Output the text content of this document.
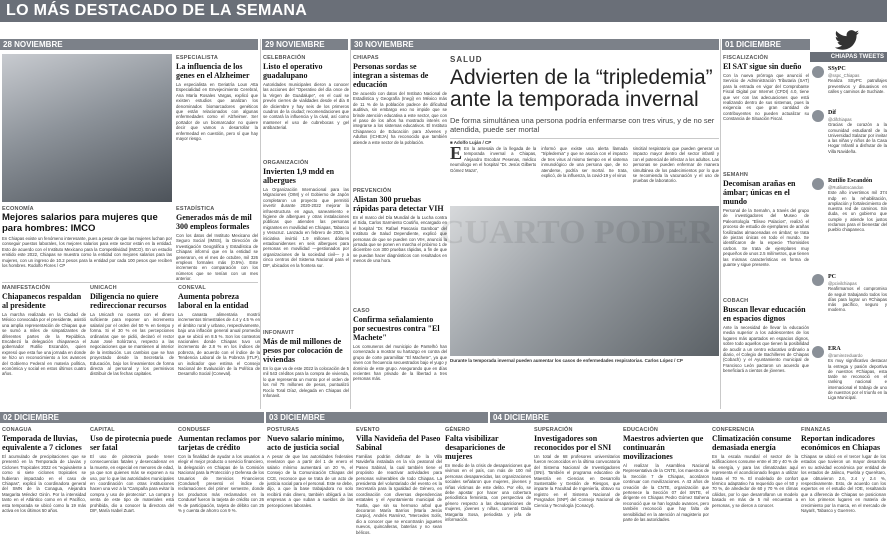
LO MÁS DESTACADO DE LA SEMANA
28 NOVIEMBRE	29 NOVIEMBRE	30 NOVIEMBRE	01 DICIEMBRE
CHIAPAS TWEETS
SSyPC
@sspc_Chiapas
Realiza SSyPC patrullajes preventivos y disuasivos en calles y caminos de Suchiate.
Dif
@difchiapas
Gracias de corazón a la comunidad estudiantil de la Universidad Salazar por invitar a las niñas y niños de la Casa Hogar Infantil a disfrutar de la Villa Navideña.
Rutilio Escandón
@RutilioEscandon
Este año invertimos mil 374 mdp en la rehabilitación, ampliación y fortalecimiento de nuestra red de caminos. Sin duda, es un gobierno que cumple y atiende los justos reclamos para el bienestar del pueblo chiapaneco.
PC
@pcivilchiapas
Reafirmamos el compromiso de seguir trabajando todos los días para lograr un #Chiapas más pacífico, seguro y moderno.
ERA
@ramirezeduardo
Es muy significativo destacar la entrega y pasión deportiva de nuestros #Chiapas, esta tarde se reconoció en el ranking nacional e internacional el trabajo de uno de nuestros por el triunfo en la Liga Municipal.
ESPECIALISTA
La influencia de los genes en el Alzheimer
La especialista en Geriatría Loun Atta Especialidad en Envejecimiento Cerebral, Ana María Rosales Vargas, explicó que existen estudios que analizan los denominados biomarcadores genéticos que están relacionados con algunas enfermedades como el Alzheimer. Ser portador de un biomarcador no quiere decir que vamos a desarrollar la enfermedad en cuestión, pero sí que hay mayor riesgo.
ECONOMÍA
Mejores salarios para mujeres que para hombres: IMCO
En Chiapas existe un fenómeno interesante, pues a pesar de que las mujeres luchan por conseguir puestos laborales, los mejores salarios para este sector están en la entidad. Esto de acuerdo con el Instituto Mexicano para la Competitividad (IMCO). En un estudio emitido este 2022, Chiapas se muestra como la entidad con mejores salarios para las mujeres, con un ingreso de 10.2 pesos para la entidad por cada 100 pesos que reciben los hombres. Rodolfo Flores / CP
ESTADÍSTICA
Generados más de mil 300 empleos formales
Con los datos del Instituto Mexicano del Seguro Social (IMSS), la Dirección de Investigación Geográfica y Estadística de Chiapas informó que en la entidad se generaron, en el mes de octubre, mil 326 empleos formales más (0.5%). Este incremento en comparación con los números que se tenían con un mes anterior.
MANIFESTACIÓN
Chiapanecos respaldan al presidente
La marcha realizada en la Ciudad de México convocada por el presidente, asistió una amplia representación de Chiapas que se sumó a miles de simpatizantes de diferentes partes de la República. Encabezó la delegación chiapaneca el gobernador Rutilio Escandón, quien expresó que esta fue una jornada en donde se hizo un reconocimiento a los avances del Gobierno Federal en materia política, económica y social en estos últimos cuatro años.
UNICACH
Diligencia no quiere redireccionar recursos
La Unicach no cuenta con el dinero suficiente para reponer un incremento salarial por el orden del 50 % en tiempo y forma. Si el 30 % en las percepciones ordinarias que se pidió, declaró el rector Juan José Solórzano, respecto a las negociaciones que se mantienen al interior de la institución. Los cambios que se han proyectado desde la Secretaría de Educación, bajo los lineamientos de forma directa al personal y los permisivos distribuir de las fechas capitales.
CONEVAL
Aumenta pobreza laboral en la entidad
La canasta alimentaria mostró incrementos trimestrales de 4.4 y 4.5 % en el ámbito rural y urbano, respectivamente, bajo una inflación general anual promedio que se ubicó en 8.5 %. Son los contextos nacionales donde Chiapas tuvo un incremento de 2.8 % en los índices de pobreza, de acuerdo con el índice de la Tendencia Laboral de la Pobreza (ITLP), un indicador que estima el Consejo Nacional de Evaluación de la Política de Desarrollo Social (Coneval).
CELEBRACIÓN
Listo el operativo guadalupano
Autoridades municipales dieron a conocer las acciones del "Operativo del día once de la Virgen de Guadalupe", en el cual se prevén cierres de vialidades desde el día 8 de diciembre y hay seis de los primeros cuadros de la ciudad; recomendaciones que se contará la influencia y la cival, así como mantener el uso de cubrebocas y gel antibacterial.
ORGANIZACIÓN
Invierten 1,9 mdd en albergues
La Organización Internacional para las Migraciones (OIM) y el Gobierno de Japón completaron un proyecto que permitió invertir durante 2020-2022 mejorar la infraestructura en agua, saneamiento e higiene de albergues y otras instalaciones públicas que atienden las personas migrantes en movilidad en Chiapas, Tabasco y Veracruz. Lanzado en febrero de 2020, la iniciativa invirtió 1.9 millones dólares estadounidenses en seis albergues para personas en movilidad —gestionados por organizaciones de la sociedad civil— y a cinco centros del Sistema Nacional para el DIF, ubicados en la frontera sur.
INFONAVIT
Más de mil millones de pesos por colocación de viviendas
En lo que va de este 2022 la colocación de 5 mil 543 créditos para la compra de vivienda, lo que representa un monto por el orden de los mil 75 millones de pesos, puntualizó Rocío Toral Díaz, delegada en Chiapas del Infonavit.
CHIAPAS
Personas sordas se integran a sistemas de educación
De acuerdo con datos del Instituto Nacional de Estadística y Geografía (Inegi) en México más de 11 % de la población padece de dificultad auditiva, sin embargo eso no impide que se brinde atención educativa a este sector, que con el paso de los años ha mostrado interés en integrarse a los sistemas educativos. El Instituto Chiapaneco de Educación para Jóvenes y Adultos (ICHEJA) ha reconocido que también atiende a este sector de la población.
PREVENCIÓN
Alistan 300 pruebas rápidas para detectar VIH
En el marco del Día Mundial de la Lucha contra el Sida, Carlos Sarmiento Coutiño, encargado en el hospital "Dr. Rafael Pascasio Gamboa" del Instituto de Salud Dependiente, explicó que personas de que se pueden con VIH, anunció la jornada que se ponen en marcha el próximo 1 de diciembre con 300 pruebas rápidas, a fin de que se puedan hacer diagnósticos con resultados en menos de una hora.
CASO
Confirma señalamiento por secuestros contra "El Machete"
Los comuneros del municipio de Pantelhó han comenzado a mostrar su hartazgo en contra del grupo de corte paramilitar "El Machete", ya que viven con frecuencia secuestrados bajo el yugo y dominio de este grupo. Asegurando que en días recientes han privado de la libertad a tres personas más.
SALUD
Advierten de la “tripledemia” ante la temporada invernal
De forma simultánea una persona podría enfermarse con tres virus, y de no ser atendida, puede ser mortal
■ Adolfo Luján / CP
E En la antesala de la llegada de la temporada invernal a Chiapas, Alejandro Escobar Pesenas, médico neumólogo en el hospital "Dr. Jesús Gilberto Gómez Maza",
informó que existe una alerta llamada "tripledemia" y que se asocia con el impacto de tres virus al mismo tiempo en el sistema inmunológico de una persona que, de no atenderse, podría ser mortal. Se trata, explicó, de la influenza, la covid-19 y el virus
sincitial respiratorio que pueden generar un impacto mayor dentro del sector infantil y con el potencial de infectar a los adultos. Las personas se pueden enfermar de manera simultánea de los padecimientos por lo que se recomienda la vacunación y el uso de pruebas de laboratorio.
Durante la temporada invernal pueden aumentar los casos de enfermedades respiratorias. Carlos López / CP
FISCALIZACIÓN
El SAT sigue sin dueño
Con la nueva prórroga que anunció el Servicio de Administración Tributaria (SAT) para la entrada en vigor del Comprobante Fiscal Digital por Internet (CFDI) 4.0, tiene que ver con las adecuaciones que está realizando dentro de sus sistemas, pues la exigencia es que gran cantidad de contribuyentes no pueden actualizar su Constancia de Situación Fiscal.
SEMAHN
Decomisan arañas en ámbar; únicas en el mundo
Personal de la Semahn, a través del grupo de investigadores del Museo de Paleontología "Eliseo Palacios", realizó el proceso de estudio de ejemplares de arañas fosilizadas almacenadas en ámbar; se trata de piezas únicas en todo el mundo. Se identificaron de la especie Thomisides carbon. Se trata de ejemplares muy pequeños de unos 2.5 milímetros, que tienen las mismas características en forma de guante y sigue presente.
COBACH
Buscan llevar educación en espacios dignos
Ante la necesidad de llevar la educación media superior a los adolescentes de los lugares más apartados en espacios dignos, sobre todo aquellos que tienen la posibilidad de acudir a un centro educativo ordinario a diario, el Colegio de Bachilleres de Chiapas (Cobach) y el Ayuntamiento municipal de Francisco León pactaron un acuerdo que beneficiará a cientos de jóvenes.
02 DICIEMBRE	03 DICIEMBRE	04 DICIEMBRE
CONAGUA
Temporada de lluvias, equivalente a 7 ciclones
El acumulado de precipitaciones que se presentó en la Temporada de Lluvias y Ciclones Tropicales 2022 es "equivalente a como si siete ciclones tropicales se hubieran impactado en el caso de Chiapas", explicó la coordinadora general del SMN de la Conagua, Alejandra Margarita Méndez Girón. Por la intensidad tanto en el Atlántico como en el Pacífico, esta temporada se ubicó como la 19 más activa en los últimos 50 años.
CAPITAL
Uso de pirotecnia puede ser fatal
El uso de pirotecnia puede tener consecuencias fatales y desencadenar en la muerte, en especial en menores de edad, ya que son quienes más se exponen a su uso, por lo que las autoridades municipales en coordinación con otras instituciones hacen una vez a la "Campaña para evitar la compra y uso de pirotecnia". La compra y venta de este tipo de materiales está prohibida, dio a conocer la directora del DIF, María Isabel Zuart.
CONDUSEF
Aumentan reclamos por tarjetas de crédito
Con la finalidad de ayudar a los usuarios a elegir el mejor producto o servicio financiero, la delegación en Chiapas de la Comisión Nacional para la Protección y Defensa de los Usuarios de Servicios Financieros (Condusef) presentó el índice de reclamaciones del primer semestre, donde los productos más reclamados en la Condusef fueron la tarjeta de crédito con 26 % de participación, tarjeta de débito con 25 % y cuenta de ahorro con 9 %.
POSTURAS
Nuevo salario mínimo, acto de justicia social
A pesar de que las autoridades federales revelaron que a partir del 1 de enero el salario mínimo aumentará un 20 %, el Consejo de la Comunicación Chiapas del CCE, reconoce que se trata de un acto de justicia social para el personal. Este se debe, dijo, a que la base trabajadora no solo recibirá más dinero, también obligará a las empresas a que suban a sueldos de las percepciones laborales.
EVENTO
Villa Navideña del Paseo Sabinal
Familias podrán disfrutar de la Villa Navideña instalada en la vía peatonal del Paseo Sabinal, la cual también tiene el propósito de reactivar actividades para personas vulnerables de todo Chiapas. La presidenta del voluntariado del evento es la Secretaría para la Igualdad de Género, en coordinación con diversas dependencias estatales y el Ayuntamiento municipal de Tuxtla, que sin su hermoso arbol que decoraron María Barrios (María Jesús Carpio), Andrés Ramírez, "Mercedes Solís, dio a conocer que se encontrarán juguetes nuevos, quincalleras, baterías y no sean bélicos.
GÉNERO
Falta visibilizar desapariciones de mujeres
En medio de la crisis de desapariciones que vivimos en el país, con más de 100 mil personas desaparecidas, las organizaciones sociales señalaron que mujeres, jóvenes y niñas víctimas de este delito. Por ello, se debe apostar por hacer una cobertura periodística feminista, con perspectiva de género respecto a las desapariciones de mujeres, jóvenes y niñas, comentó Daila Margarita Sosa, periodista y jefa de información.
SUPERACIÓN
Investigadores son reconocidos por el SNI
Un total de 68 profesores universitarios fueron reconocidos en la última convocatoria del Sistema Nacional de Investigadores (SNI). También el programa educativo de Maestría en Ciencias en Desarrollo Sustentable y Gestión de Riesgos, que imparte la Facultad de Ingeniería, obtuvo su registro en el Sistema Nacional de Posgrados (SNP) del Consejo Nacional de Ciencia y Tecnología (Conacyt).
EDUCACIÓN
Maestros advierten que continuarán movilizaciones
Al realizar la Asamblea Nacional Representativa de la CNTE, los maestros de la Sección 7 de Chiapas, acordaron continuar con movilizaciones. A 43 años de creación de la CNTE, organización que pertenece la Sección 07 del SNTE, el dirigente en Chiapas Pedro Gómez Bahena reconoció que se han logrado avances, pero también reconoció que hay falta de sensibilidad en la atención al magisterio por parte de las autoridades.
CONFERENCIA
Climatización consume demasiada energía
En la escala mundial el sector de la edificaciones consume entre el 30 y 40 % de la energía, y para las climatizadas aquí representa el acondicionado llegan a utilizar hasta el 70 %. El modelado de confort térmico adaptativo ha requerido que el 50 y 70 %, de alrededor de 60 y 70 % en climas cálidos, por lo que desarrollaron un modelo basado en más de 5 mil encuestas a personas, y se dieron a conocer.
FINANZAS
Reportan indicadores económicos en Chiapas
Chiapas se ubicó en el tercer lugar de los estados que tuvieron un mayor desarrollo en su actividad económica por entidad de los estados de Jalisco, Puebla y Querétaro, que obtuvieron 2.6, 2.4 y 2.4 %, respectivamente. Esto, de acuerdo con los expertos en el estudio del IOE, resaltando que a diferencia de Chiapas se posicionan en los primeros lugares en materia de crecimiento por la marca, en el mercado de Nayarit, Tabasco y Guerrero.
